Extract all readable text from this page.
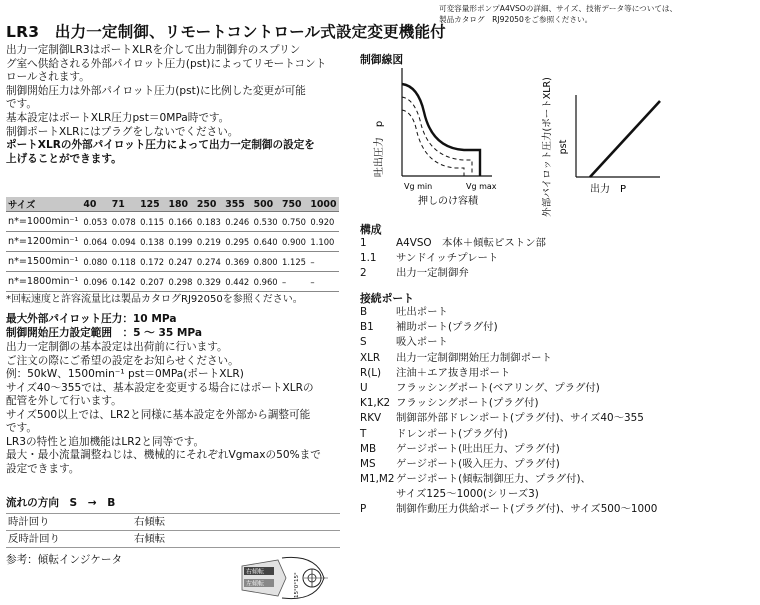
可変容量形ポンプA4VSOの詳細、サイズ、技術データ等については、
製品カタログ　RJ92050をご参照ください。
LR3　出力一定制御、リモートコントロール式設定変更機能付
出力一定制御LR3はポートXLRを介して出力制御弁のスプリン
グ室へ供給される外部パイロット圧力(pst)によってリモートコント
ロールされます。
制御開始圧力は外部パイロット圧力(pst)に比例した変更が可能
です。
基本設定はポートXLR圧力pst＝0MPa時です。
制御ポートXLRにはプラグをしないでください。
ポートXLRの外部パイロット圧力によって出力一定制御の設定を
上げることができます。
サイズ	40	71	125	180	250	355	500	750	1000
n*=1000min⁻¹	0.053	0.078	0.115	0.166	0.183	0.246	0.530	0.750	0.920
n*=1200min⁻¹	0.064	0.094	0.138	0.199	0.219	0.295	0.640	0.900	1.100
n*=1500min⁻¹	0.080	0.118	0.172	0.247	0.274	0.369	0.800	1.125	–
n*=1800min⁻¹	0.096	0.142	0.207	0.298	0.329	0.442	0.960	–	–
*回転速度と許容流量比は製品カタログRJ92050を参照ください。
最大外部パイロット圧力：10 MPa
制御開始圧力設定範囲　：5 ～ 35 MPa
出力一定制御の基本設定は出荷前に行います。
ご注文の際にご希望の設定をお知らせください。
例：50kW、1500min⁻¹ pst＝0MPa(ポートXLR)
サイズ40～355では、基本設定を変更する場合にはポートXLRの
配管を外して行います。
サイズ500以上では、LR2と同様に基本設定を外部から調整可能
です。
LR3の特性と追加機能はLR2と同等です。
最大・最小流量調整ねじは、機械的にそれぞれVgmaxの50%まで
設定できます。
流れの方向　S　→　B
時計回り	右傾転
反時計回り	右傾転
参考：傾転インジケータ
右傾転
左傾転	15°0°15°
制御線図
吐出圧力　p
Vg min	Vg max
押しのけ容積	外部パイロット圧力(ポートXLR) pst
出力　P
構成
1	A4VSO　本体＋傾転ピストン部
1.1 サンドイッチプレート
2	出力一定制御弁
接続ポート
B	吐出ポート
B1 補助ポート(プラグ付)
S	吸入ポート
XLR 出力一定制御開始圧力制御ポート
R(L) 注油＋エア抜き用ポート
U	フラッシングポート(ベアリング、プラグ付)
K1,K2 フラッシングポート(プラグ付)
RKV 制御部外部ドレンポート(プラグ付)、サイズ40～355
T	ドレンポート(プラグ付)
MB ゲージポート(吐出圧力、プラグ付)
MS ゲージポート(吸入圧力、プラグ付)
M1,M2 ゲージポート(傾転制御圧力、プラグ付)、
サイズ125～1000(シリーズ3)
P	制御作動圧力供給ポート(プラグ付)、サイズ500～1000
